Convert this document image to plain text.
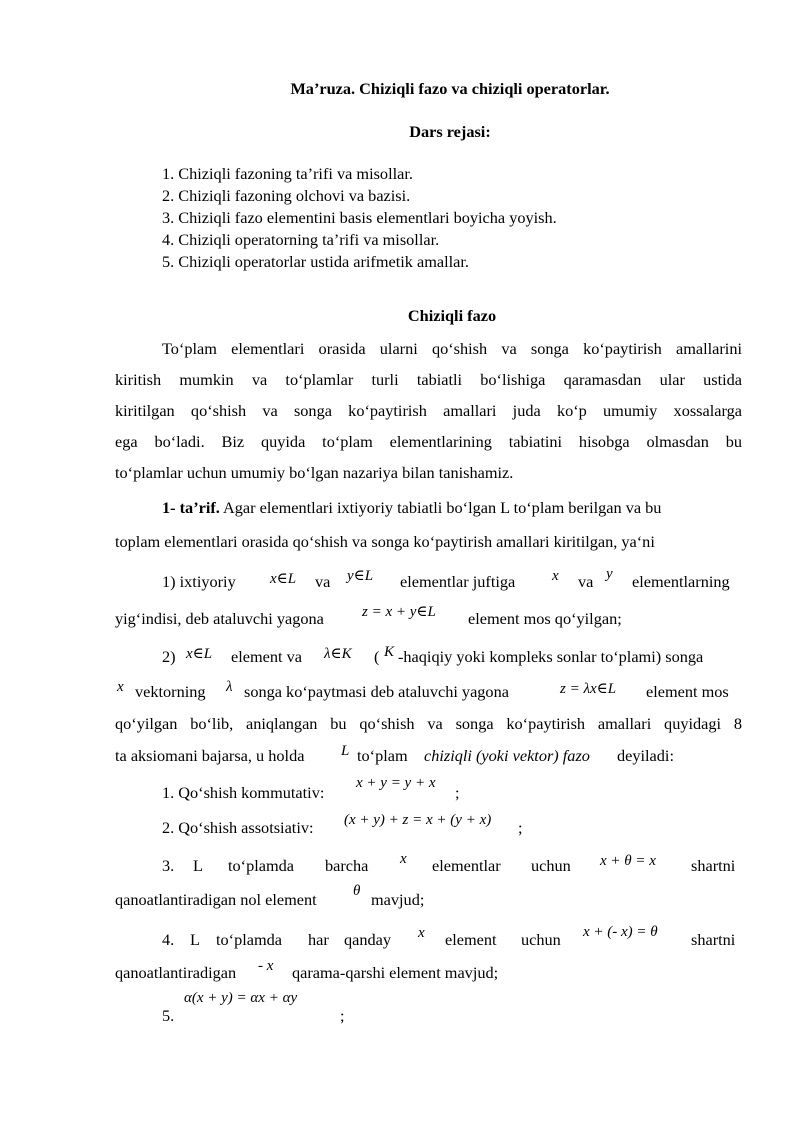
Ma’ruza. Chiziqli fazo va chiziqli operatorlar.
Dars rejasi:
1. Chiziqli fazoning ta’rifi va misollar.
2. Chiziqli fazoning olchovi va bazisi.
3. Chiziqli fazo elementini basis elementlari boyicha yoyish.
4. Chiziqli operatorning ta’rifi va misollar.
5. Chiziqli operatorlar ustida arifmetik amallar.
Chiziqli fazo
To‘plam elementlari orasida ularni qo‘shish va songa ko‘paytirish amallarini
kiritish mumkin va to‘plamlar turli tabiatli bo‘lishiga qaramasdan ular ustida
kiritilgan qo‘shish va songa ko‘paytirish amallari juda ko‘p umumiy xossalarga
ega bo‘ladi. Biz quyida to‘plam elementlarining tabiatini hisobga olmasdan bu
to‘plamlar uchun umumiy bo‘lgan nazariya bilan tanishamiz.
1- ta’rif. Agar elementlari ixtiyoriy tabiatli bo‘lgan L to‘plam berilgan va bu
toplam elementlari orasida qo‘shish va songa ko‘paytirish amallari kiritilgan, ya‘ni
1) ixtiyoriy x∈L va y∈L elementlar juftiga x va y elementlarning
yig‘indisi, deb ataluvchi yagona	z = x + y∈L element mos qo‘yilgan;
2) x∈L element va λ∈K ( K -haqiqiy yoki kompleks sonlar to‘plami) songa
x vektorning λ songa ko‘paytmasi deb ataluvchi yagona	z = λx∈L element mos
qo‘yilgan bo‘lib, aniqlangan bu qo‘shish va songa ko‘paytirish amallari quyidagi 8
ta aksiomani bajarsa, u holda L to‘plam chiziqli (yoki vektor) fazo deyiladi:
1. Qo‘shish kommutativ: x + y = y + x ;
2. Qo‘shish assotsiativ: (x + y) + z = x + (y + x) ;
3. L to‘plamda barcha x elementlar uchun x + θ = x shartni
qanoatlantiradigan nol element θ mavjud;
4. L to‘plamda har qanday x element uchun x + (- x) = θ shartni
qanoatlantiradigan - x qarama-qarshi element mavjud;
5.
α(x + y) = αx + αy
;
